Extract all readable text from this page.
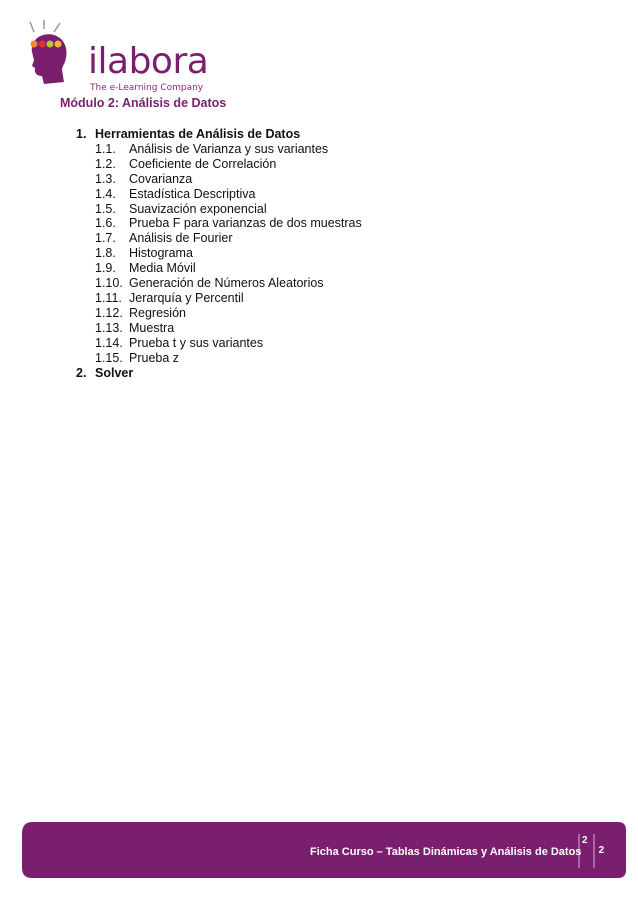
ilabora
The e-Learning Company
Módulo 2: Análisis de Datos
1. Herramientas de Análisis de Datos
1.1.	Análisis de Varianza y sus variantes
1.2.	Coeficiente de Correlación
1.3.	Covarianza
1.4.	Estadística Descriptiva
1.5.	Suavización exponencial
1.6.	Prueba F para varianzas de dos muestras
1.7.	Análisis de Fourier
1.8.	Histograma
1.9.	Media Móvil
1.10. Generación de Números Aleatorios
1.11. Jerarquía y Percentil
1.12. Regresión
1.13. Muestra
1.14. Prueba t y sus variantes
1.15. Prueba z
2. Solver
Ficha Curso – Tablas Dinámicas y Análisis de Datos
2 2
